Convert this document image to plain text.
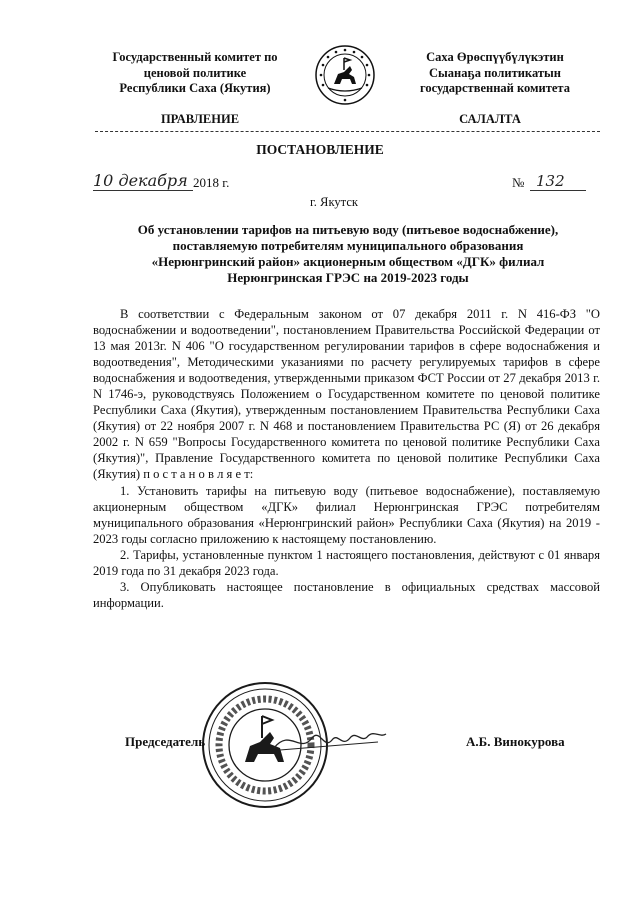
Государственный комитет по
ценовой политике
Республики Саха (Якутия)
Саха Өрөспүүбүлүкэтин
Сыанаҕа политикатын
государственнай комитета
ПРАВЛЕНИЕ	САЛАЛТА
ПОСТАНОВЛЕНИЕ
10 декабря 2018 г.	№ 132
г. Якутск
Об установлении тарифов на питьевую воду (питьевое водоснабжение),
поставляемую потребителям муниципального образования
«Нерюнгринский район» акционерным обществом «ДГК» филиал
Нерюнгринская ГРЭС на 2019-2023 годы

В соответствии с Федеральным законом от 07 декабря 2011 г. N 416-ФЗ "О водоснабжении и водоотведении", постановлением Правительства Российской Федерации от 13 мая 2013г. N 406 "О государственном регулировании тарифов в сфере водоснабжения и водоотведения", Методическими указаниями по расчету регулируемых тарифов в сфере водоснабжения и водоотведения, утвержденными приказом ФСТ России от 27 декабря 2013 г. N 1746-э, руководствуясь Положением о Государственном комитете по ценовой политике Республики Саха (Якутия), утвержденным постановлением Правительства Республики Саха (Якутия) от 22 ноября 2007 г. N 468 и постановлением Правительства РС (Я) от 26 декабря 2002 г. N 659 "Вопросы Государственного комитета по ценовой политике Республики Саха (Якутия)", Правление Государственного комитета по ценовой политике Республики Саха (Якутия) п о с т а н о в л я е т:

1. Установить тарифы на питьевую воду (питьевое водоснабжение), поставляемую акционерным обществом «ДГК» филиал Нерюнгринская ГРЭС потребителям муниципального образования «Нерюнгринский район» Республики Саха (Якутия) на 2019 - 2023 годы согласно приложению к настоящему постановлению.

2. Тарифы, установленные пунктом 1 настоящего постановления, действуют с 01 января 2019 года по 31 декабря 2023 года.

3. Опубликовать настоящее постановление в официальных средствах массовой информации.

Председатель	А.Б. Винокурова
